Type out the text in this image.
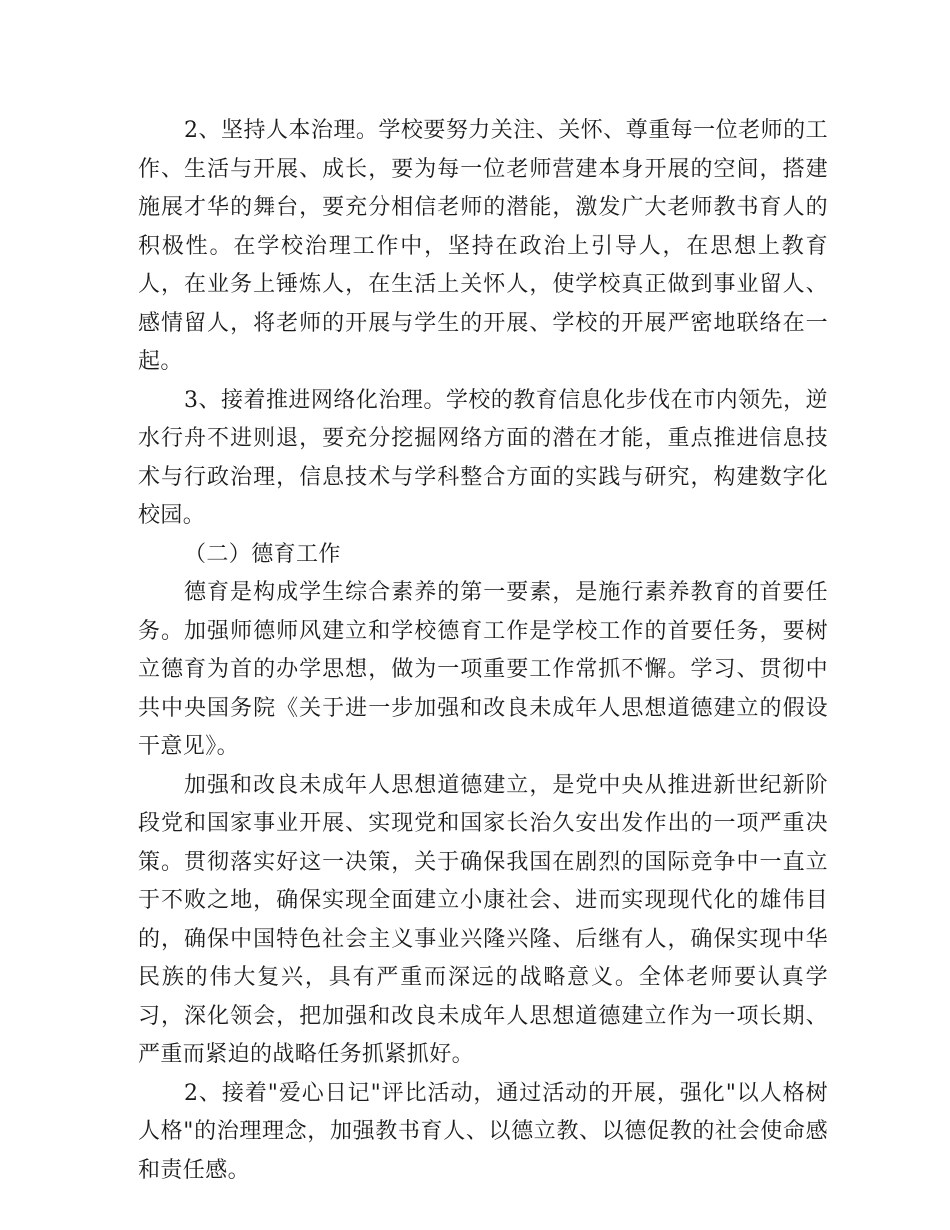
2、坚持人本治理。学校要努力关注、关怀、尊重每一位老师的工作、生活与开展、成长，要为每一位老师营建本身开展的空间，搭建施展才华的舞台，要充分相信老师的潜能，激发广大老师教书育人的积极性。在学校治理工作中，坚持在政治上引导人，在思想上教育人，在业务上锤炼人，在生活上关怀人，使学校真正做到事业留人、感情留人，将老师的开展与学生的开展、学校的开展严密地联络在一起。

3、接着推进网络化治理。学校的教育信息化步伐在市内领先，逆水行舟不进则退，要充分挖掘网络方面的潜在才能，重点推进信息技术与行政治理，信息技术与学科整合方面的实践与研究，构建数字化校园。

（二）德育工作

德育是构成学生综合素养的第一要素，是施行素养教育的首要任务。加强师德师风建立和学校德育工作是学校工作的首要任务，要树立德育为首的办学思想，做为一项重要工作常抓不懈。学习、贯彻中共中央国务院《关于进一步加强和改良未成年人思想道德建立的假设干意见》。

加强和改良未成年人思想道德建立，是党中央从推进新世纪新阶段党和国家事业开展、实现党和国家长治久安出发作出的一项严重决策。贯彻落实好这一决策，关于确保我国在剧烈的国际竞争中一直立于不败之地，确保实现全面建立小康社会、进而实现现代化的雄伟目的，确保中国特色社会主义事业兴隆兴隆、后继有人，确保实现中华民族的伟大复兴，具有严重而深远的战略意义。全体老师要认真学习，深化领会，把加强和改良未成年人思想道德建立作为一项长期、严重而紧迫的战略任务抓紧抓好。

2、接着"爱心日记"评比活动，通过活动的开展，强化"以人格树人格"的治理理念，加强教书育人、以德立教、以德促教的社会使命感和责任感。
